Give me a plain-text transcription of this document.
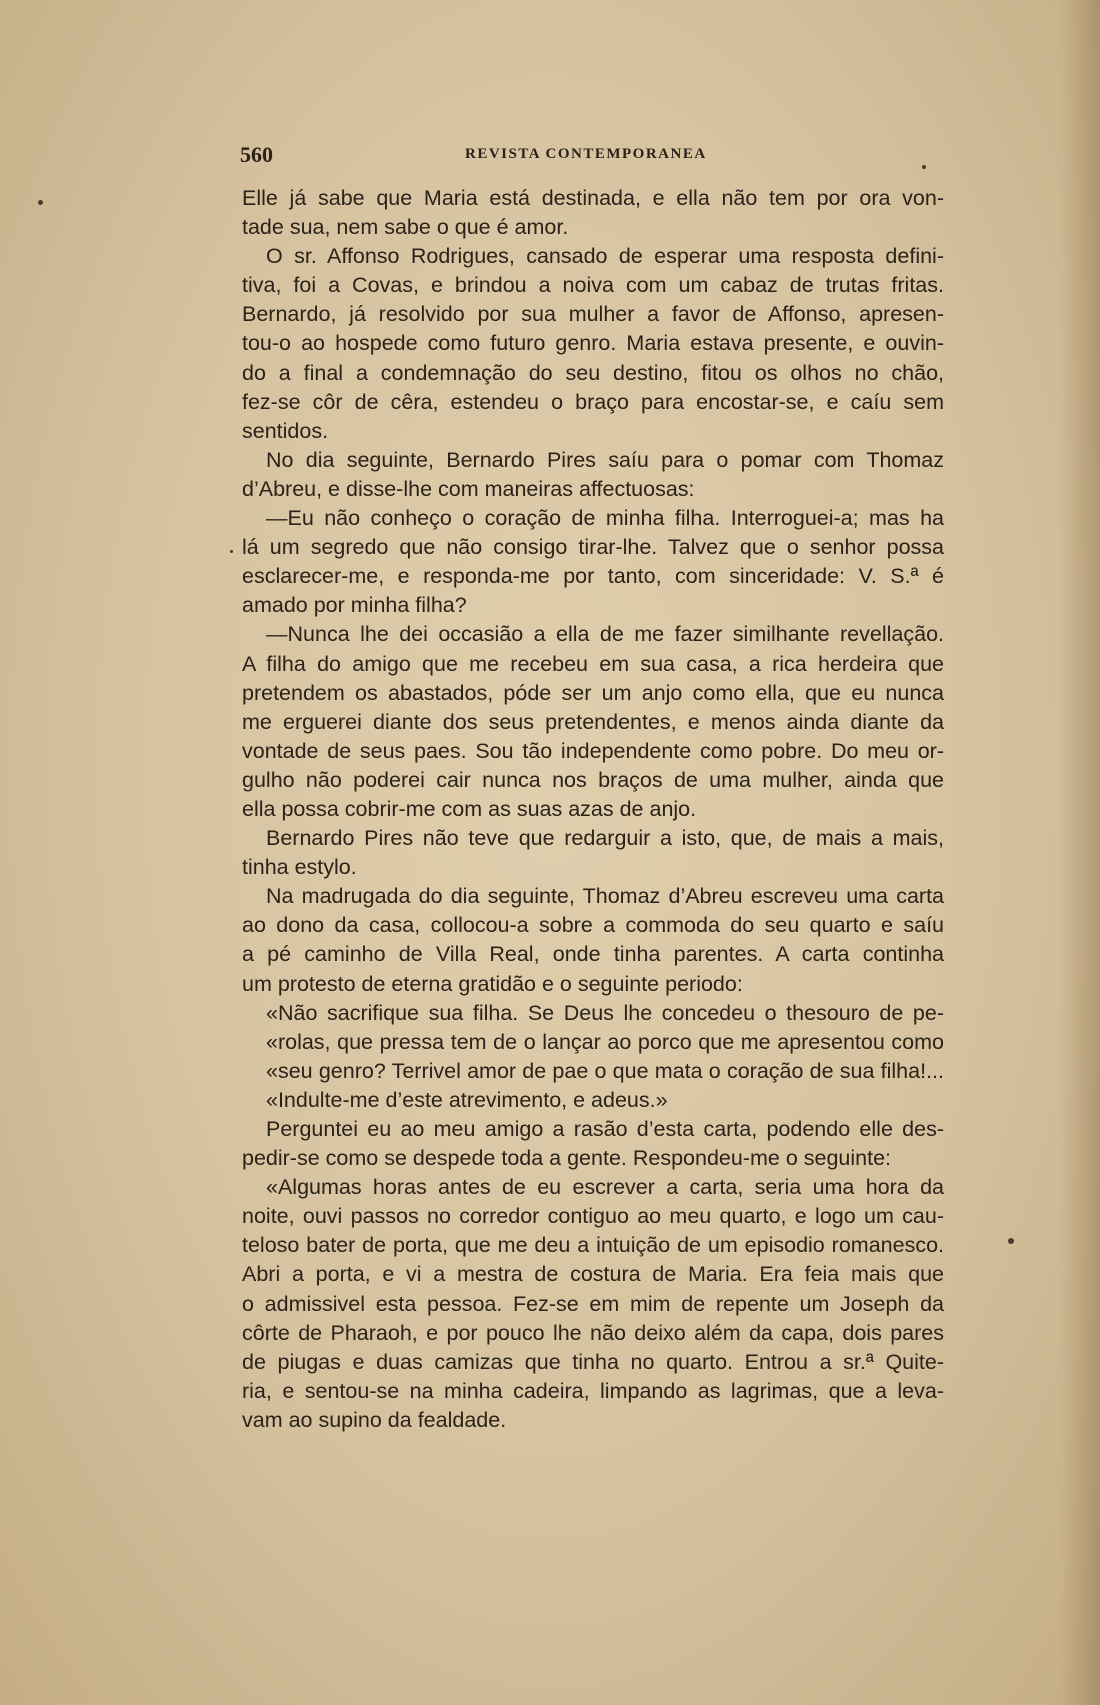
560	REVISTA CONTEMPORANEA
Elle já sabe que Maria está destinada, e ella não tem por ora von-
tade sua, nem sabe o que é amor.
O sr. Affonso Rodrigues, cansado de esperar uma resposta defini-
tiva, foi a Covas, e brindou a noiva com um cabaz de trutas fritas.
Bernardo, já resolvido por sua mulher a favor de Affonso, apresen-
tou-o ao hospede como futuro genro. Maria estava presente, e ouvin-
do a final a condemnação do seu destino, fitou os olhos no chão,
fez-se côr de cêra, estendeu o braço para encostar-se, e caíu sem
sentidos.
No dia seguinte, Bernardo Pires saíu para o pomar com Thomaz
d’Abreu, e disse-lhe com maneiras affectuosas:
—Eu não conheço o coração de minha filha. Interroguei-a; mas ha
lá um segredo que não consigo tirar-lhe. Talvez que o senhor possa
esclarecer-me, e responda-me por tanto, com sinceridade: V. S.ª é
amado por minha filha?
—Nunca lhe dei occasião a ella de me fazer similhante revellação.
A filha do amigo que me recebeu em sua casa, a rica herdeira que
pretendem os abastados, póde ser um anjo como ella, que eu nunca
me erguerei diante dos seus pretendentes, e menos ainda diante da
vontade de seus paes. Sou tão independente como pobre. Do meu or-
gulho não poderei cair nunca nos braços de uma mulher, ainda que
ella possa cobrir-me com as suas azas de anjo.
Bernardo Pires não teve que redarguir a isto, que, de mais a mais,
tinha estylo.
Na madrugada do dia seguinte, Thomaz d’Abreu escreveu uma carta
ao dono da casa, collocou-a sobre a commoda do seu quarto e saíu
a pé caminho de Villa Real, onde tinha parentes. A carta continha
um protesto de eterna gratidão e o seguinte periodo:
«Não sacrifique sua filha. Se Deus lhe concedeu o thesouro de pe-
«rolas, que pressa tem de o lançar ao porco que me apresentou como
«seu genro? Terrivel amor de pae o que mata o coração de sua filha!...
«Indulte-me d’este atrevimento, e adeus.»
Perguntei eu ao meu amigo a rasão d’esta carta, podendo elle des-
pedir-se como se despede toda a gente. Respondeu-me o seguinte:
«Algumas horas antes de eu escrever a carta, seria uma hora da
noite, ouvi passos no corredor contiguo ao meu quarto, e logo um cau-
teloso bater de porta, que me deu a intuição de um episodio romanesco.
Abri a porta, e vi a mestra de costura de Maria. Era feia mais que
o admissivel esta pessoa. Fez-se em mim de repente um Joseph da
côrte de Pharaoh, e por pouco lhe não deixo além da capa, dois pares
de piugas e duas camizas que tinha no quarto. Entrou a sr.ª Quite-
ria, e sentou-se na minha cadeira, limpando as lagrimas, que a leva-
vam ao supino da fealdade.
